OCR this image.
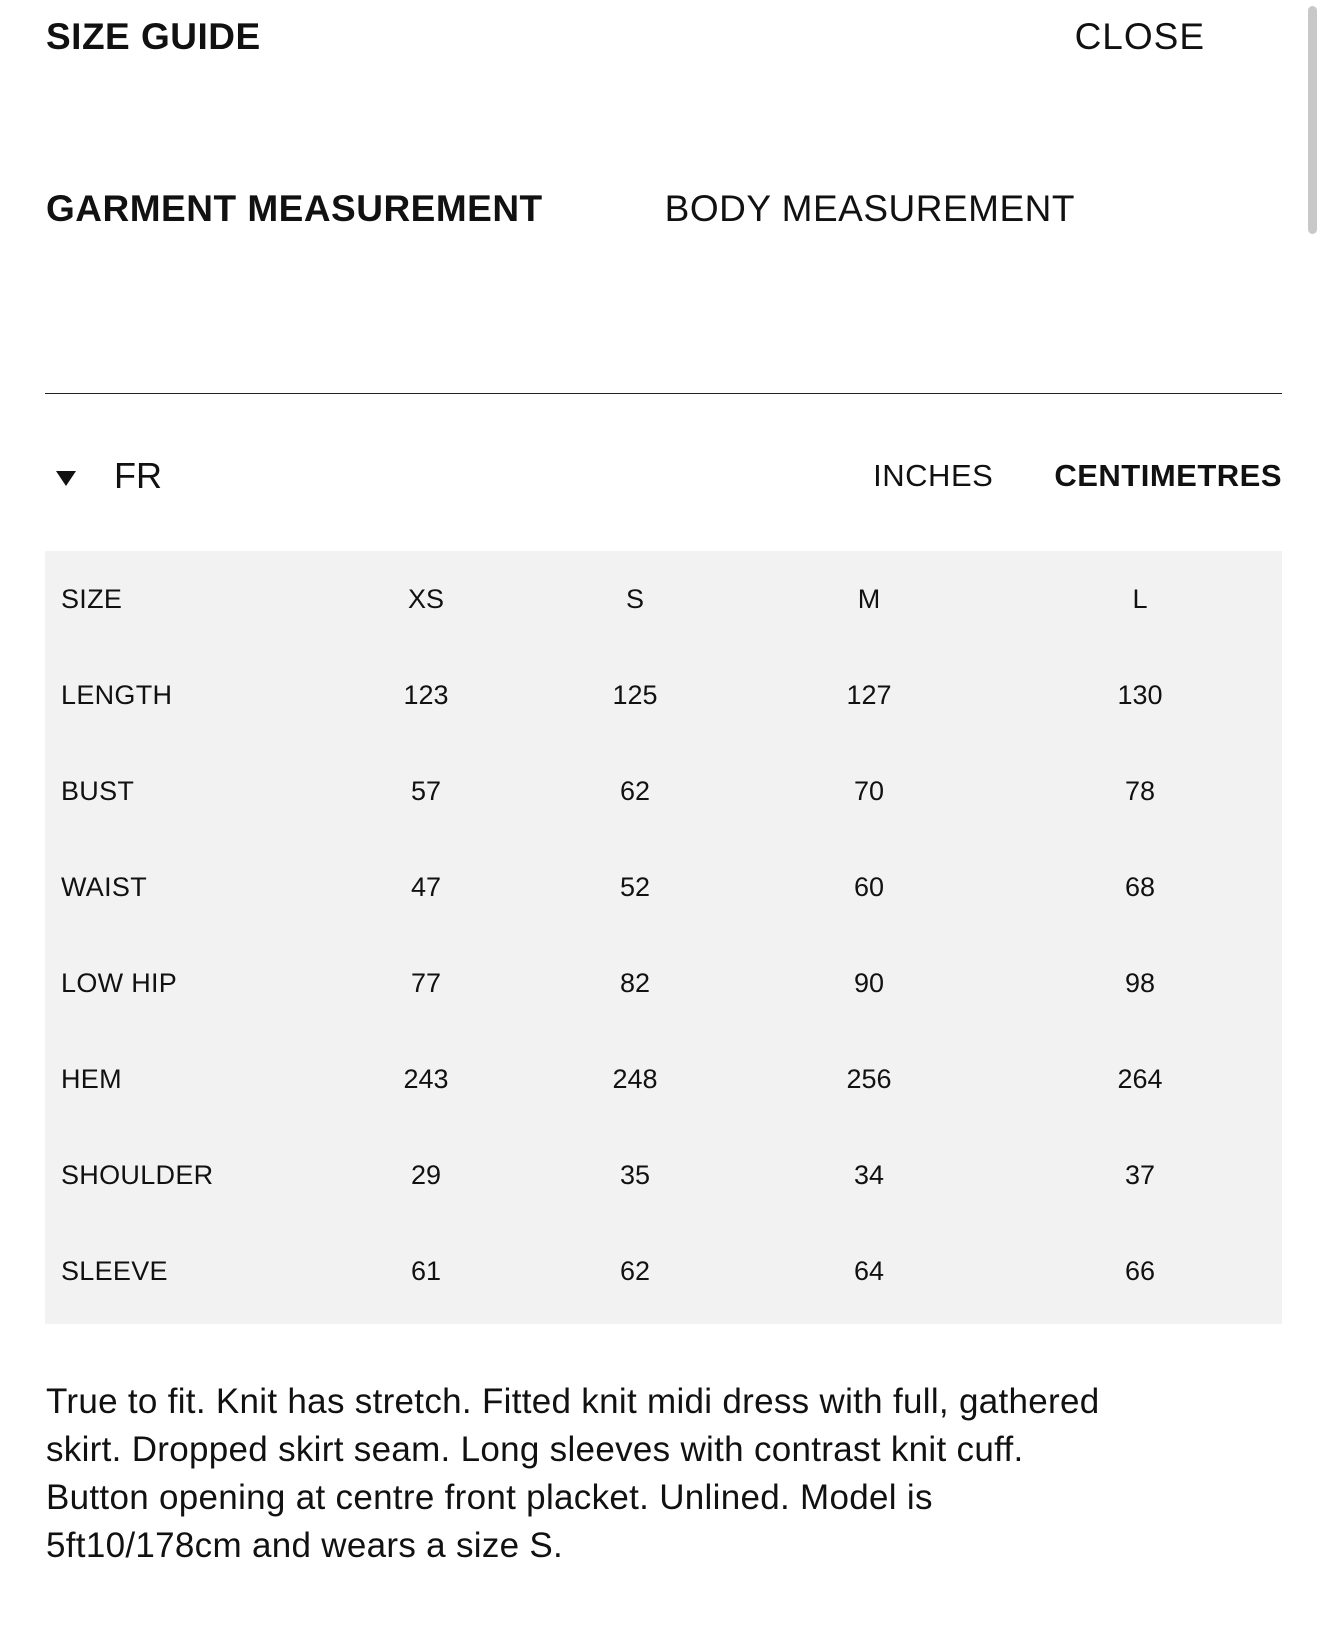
SIZE GUIDE	CLOSE
GARMENT MEASUREMENT	BODY MEASUREMENT
FR	INCHES CENTIMETRES
SIZE	XS	S	M	L
LENGTH	123	125	127	130
BUST	57	62	70	78
WAIST	47	52	60	68
LOW HIP	77	82	90	98
HEM	243	248	256	264
SHOULDER	29	35	34	37
SLEEVE	61	62	64	66
True to fit. Knit has stretch. Fitted knit midi dress with full, gathered skirt. Dropped skirt seam. Long sleeves with contrast knit cuff. Button opening at centre front placket. Unlined. Model is 5ft10/178cm and wears a size S.
